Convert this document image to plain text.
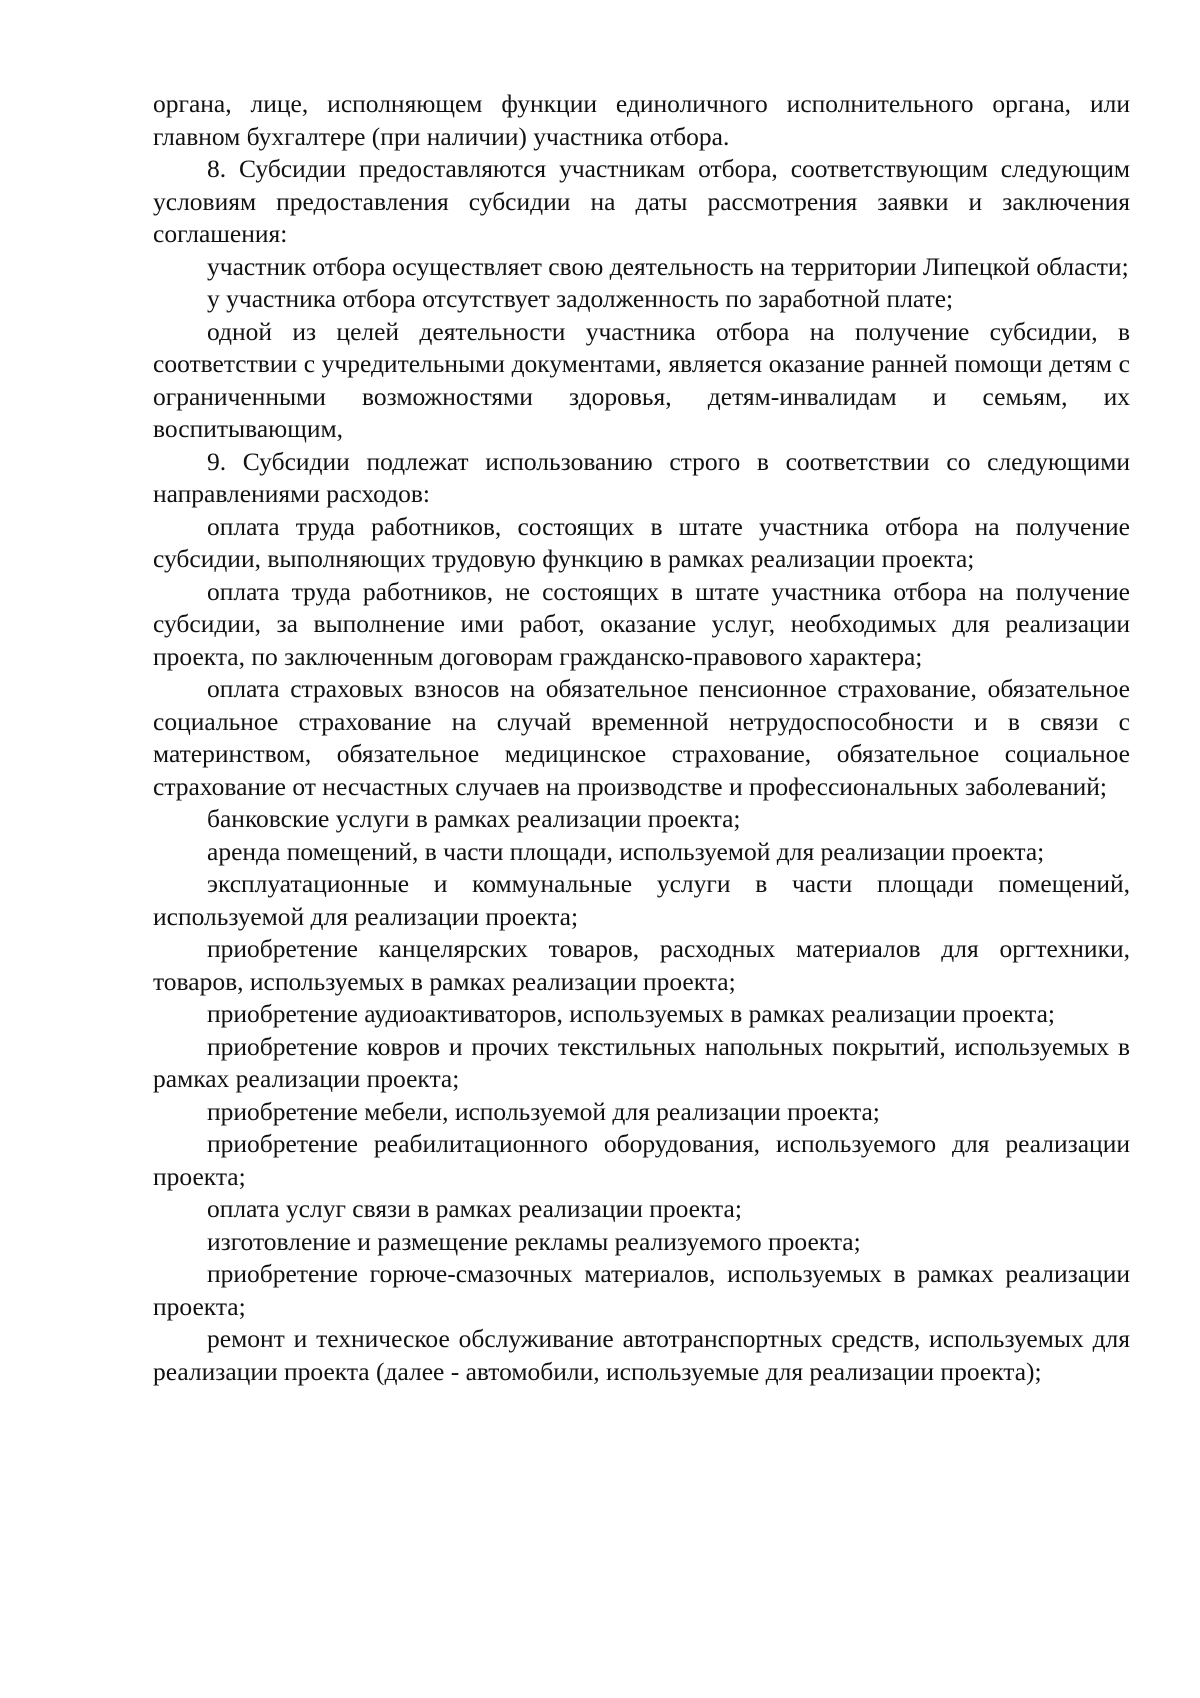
органа, лице, исполняющем функции единоличного исполнительного органа, или главном бухгалтере (при наличии) участника отбора.

8. Субсидии предоставляются участникам отбора, соответствующим следующим условиям предоставления субсидии на даты рассмотрения заявки и заключения соглашения:

участник отбора осуществляет свою деятельность на территории Липецкой области;

у участника отбора отсутствует задолженность по заработной плате;

одной из целей деятельности участника отбора на получение субсидии, в соответствии с учредительными документами, является оказание ранней помощи детям с ограниченными возможностями здоровья, детям-инвалидам и семьям, их воспитывающим,

9. Субсидии подлежат использованию строго в соответствии со следующими направлениями расходов:

оплата труда работников, состоящих в штате участника отбора на получение субсидии, выполняющих трудовую функцию в рамках реализации проекта;

оплата труда работников, не состоящих в штате участника отбора на получение субсидии, за выполнение ими работ, оказание услуг, необходимых для реализации проекта, по заключенным договорам гражданско-правового характера;

оплата страховых взносов на обязательное пенсионное страхование, обязательное социальное страхование на случай временной нетрудоспособности и в связи с материнством, обязательное медицинское страхование, обязательное социальное страхование от несчастных случаев на производстве и профессиональных заболеваний;

банковские услуги в рамках реализации проекта;

аренда помещений, в части площади, используемой для реализации проекта;

эксплуатационные и коммунальные услуги в части площади помещений, используемой для реализации проекта;

приобретение канцелярских товаров, расходных материалов для оргтехники, товаров, используемых в рамках реализации проекта;

приобретение аудиоактиваторов, используемых в рамках реализации проекта;

приобретение ковров и прочих текстильных напольных покрытий, используемых в рамках реализации проекта;

приобретение мебели, используемой для реализации проекта;

приобретение реабилитационного оборудования, используемого для реализации проекта;

оплата услуг связи в рамках реализации проекта;

изготовление и размещение рекламы реализуемого проекта;

приобретение горюче-смазочных материалов, используемых в рамках реализации проекта;

ремонт и техническое обслуживание автотранспортных средств, используемых для реализации проекта (далее - автомобили, используемые для реализации проекта);
